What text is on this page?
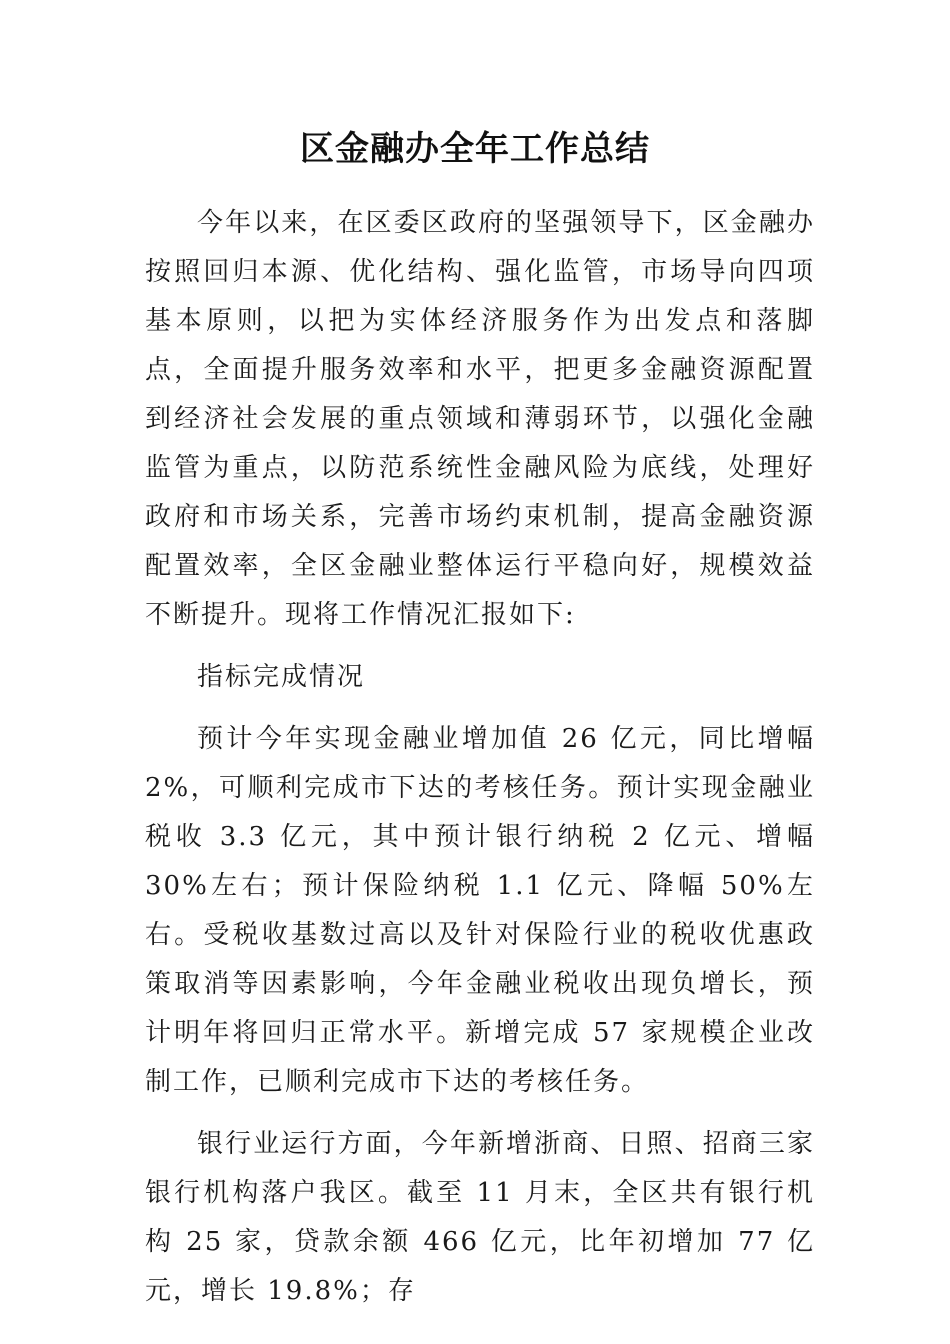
区金融办全年工作总结

今年以来，在区委区政府的坚强领导下，区金融办按照回归本源、优化结构、强化监管，市场导向四项基本原则，以把为实体经济服务作为出发点和落脚点，全面提升服务效率和水平，把更多金融资源配置到经济社会发展的重点领域和薄弱环节，以强化金融监管为重点，以防范系统性金融风险为底线，处理好政府和市场关系，完善市场约束机制，提高金融资源配置效率，全区金融业整体运行平稳向好，规模效益不断提升。现将工作情况汇报如下:

指标完成情况

预计今年实现金融业增加值 26 亿元，同比增幅 2%，可顺利完成市下达的考核任务。预计实现金融业税收 3.3 亿元，其中预计银行纳税 2 亿元、增幅 30%左右；预计保险纳税 1.1 亿元、降幅 50%左右。受税收基数过高以及针对保险行业的税收优惠政策取消等因素影响，今年金融业税收出现负增长，预计明年将回归正常水平。新增完成 57 家规模企业改制工作，已顺利完成市下达的考核任务。

银行业运行方面，今年新增浙商、日照、招商三家银行机构落户我区。截至 11 月末，全区共有银行机构 25 家，贷款余额 466 亿元，比年初增加 77 亿元，增长 19.8%；存
